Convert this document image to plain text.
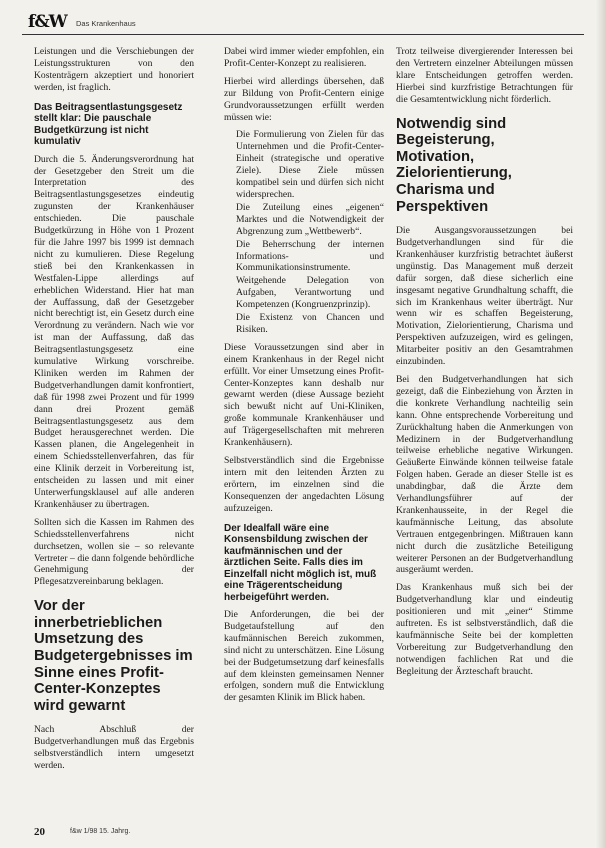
f&W Das Krankenhaus

Leistungen und die Verschiebungen der Leistungsstrukturen von den Kostenträgern akzeptiert und honoriert werden, ist fraglich.

Das Beitragsentlastungsgesetz stellt klar: Die pauschale Budgetkürzung ist nicht kumulativ

Durch die 5. Änderungsverordnung hat der Gesetzgeber den Streit um die Interpretation des Beitragsentlastungsgesetzes eindeutig zugunsten der Krankenhäuser entschieden. Die pauschale Budgetkürzung in Höhe von 1 Prozent für die Jahre 1997 bis 1999 ist demnach nicht zu kumulieren. Diese Regelung stieß bei den Krankenkassen in Westfalen-Lippe allerdings auf erheblichen Widerstand. Hier hat man der Auffassung, daß der Gesetzgeber nicht berechtigt ist, ein Gesetz durch eine Verordnung zu verändern. Nach wie vor ist man der Auffassung, daß das Beitragsentlastungsgesetz eine kumulative Wirkung vorschreibe. Kliniken werden im Rahmen der Budgetverhandlungen damit konfrontiert, daß für 1998 zwei Prozent und für 1999 dann drei Prozent gemäß Beitragsentlastungsgesetz aus dem Budget herausgerechnet werden. Die Kassen planen, die Angelegenheit in einem Schiedsstellenverfahren, das für eine Klinik derzeit in Vorbereitung ist, entscheiden zu lassen und mit einer Unterwerfungsklausel auf alle anderen Krankenhäuser zu übertragen.

Sollten sich die Kassen im Rahmen des Schiedsstellenverfahrens nicht durchsetzen, wollen sie – so relevante Vertreter – die dann folgende behördliche Genehmigung der Pflegesatzvereinbarung beklagen.

Vor der innerbetrieblichen Umsetzung des Budgetergebnisses im Sinne eines Profit-Center-Konzeptes wird gewarnt

Nach Abschluß der Budgetverhandlungen muß das Ergebnis selbstverständlich intern umgesetzt werden.

Dabei wird immer wieder empfohlen, ein Profit-Center-Konzept zu realisieren.

Hierbei wird allerdings übersehen, daß zur Bildung von Profit-Centern einige Grundvoraussetzungen erfüllt werden müssen wie:

Die Formulierung von Zielen für das Unternehmen und die Profit-Center-Einheit (strategische und operative Ziele). Diese Ziele müssen kompatibel sein und dürfen sich nicht widersprechen.
Die Zuteilung eines „eigenen“ Marktes und die Notwendigkeit der Abgrenzung zum „Wettbewerb“.
Die Beherrschung der internen Informations- und Kommunikationsinstrumente.
Weitgehende Delegation von Aufgaben, Verantwortung und Kompetenzen (Kongruenzprinzip).
Die Existenz von Chancen und Risiken.

Diese Voraussetzungen sind aber in einem Krankenhaus in der Regel nicht erfüllt. Vor einer Umsetzung eines Profit-Center-Konzeptes kann deshalb nur gewarnt werden (diese Aussage bezieht sich bewußt nicht auf Uni-Kliniken, große kommunale Krankenhäuser und auf Trägergesellschaften mit mehreren Krankenhäusern).

Selbstverständlich sind die Ergebnisse intern mit den leitenden Ärzten zu erörtern, im einzelnen sind die Konsequenzen der angedachten Lösung aufzuzeigen.

Der Idealfall wäre eine Konsensbildung zwischen der kaufmännischen und der ärztlichen Seite. Falls dies im Einzelfall nicht möglich ist, muß eine Trägerentscheidung herbeigeführt werden.

Die Anforderungen, die bei der Budgetaufstellung auf den kaufmännischen Bereich zukommen, sind nicht zu unterschätzen. Eine Lösung bei der Budgetumsetzung darf keinesfalls auf dem kleinsten gemeinsamen Nenner erfolgen, sondern muß die Entwicklung der gesamten Klinik im Blick haben.

Trotz teilweise divergierender Interessen bei den Vertretern einzelner Abteilungen müssen klare Entscheidungen getroffen werden. Hierbei sind kurzfristige Betrachtungen für die Gesamtentwicklung nicht förderlich.

Notwendig sind Begeisterung, Motivation, Zielorientierung, Charisma und Perspektiven

Die Ausgangsvoraussetzungen bei Budgetverhandlungen sind für die Krankenhäuser kurzfristig betrachtet äußerst ungünstig. Das Management muß derzeit dafür sorgen, daß diese sicherlich eine insgesamt negative Grundhaltung schafft, die sich im Krankenhaus weiter überträgt. Nur wenn wir es schaffen Begeisterung, Motivation, Zielorientierung, Charisma und Perspektiven aufzuzeigen, wird es gelingen, Mitarbeiter positiv an den Gesamtrahmen einzubinden.

Bei den Budgetverhandlungen hat sich gezeigt, daß die Einbeziehung von Ärzten in die konkrete Verhandlung nachteilig sein kann. Ohne entsprechende Vorbereitung und Zurückhaltung haben die Anmerkungen von Medizinern in der Budgetverhandlung teilweise erhebliche negative Wirkungen. Geäußerte Einwände können teilweise fatale Folgen haben. Gerade an dieser Stelle ist es unabdingbar, daß die Ärzte dem Verhandlungsführer auf der Krankenhausseite, in der Regel die kaufmännische Leitung, das absolute Vertrauen entgegenbringen. Mißtrauen kann nicht durch die zusätzliche Beteiligung weiterer Personen an der Budgetverhandlung ausgeräumt werden.

Das Krankenhaus muß sich bei der Budgetverhandlung klar und eindeutig positionieren und mit „einer“ Stimme auftreten. Es ist selbstverständlich, daß die kaufmännische Seite bei der kompletten Vorbereitung zur Budgetverhandlung den notwendigen fachlichen Rat und die Begleitung der Ärzteschaft braucht.

20	f&w 1/98 15. Jahrg.
